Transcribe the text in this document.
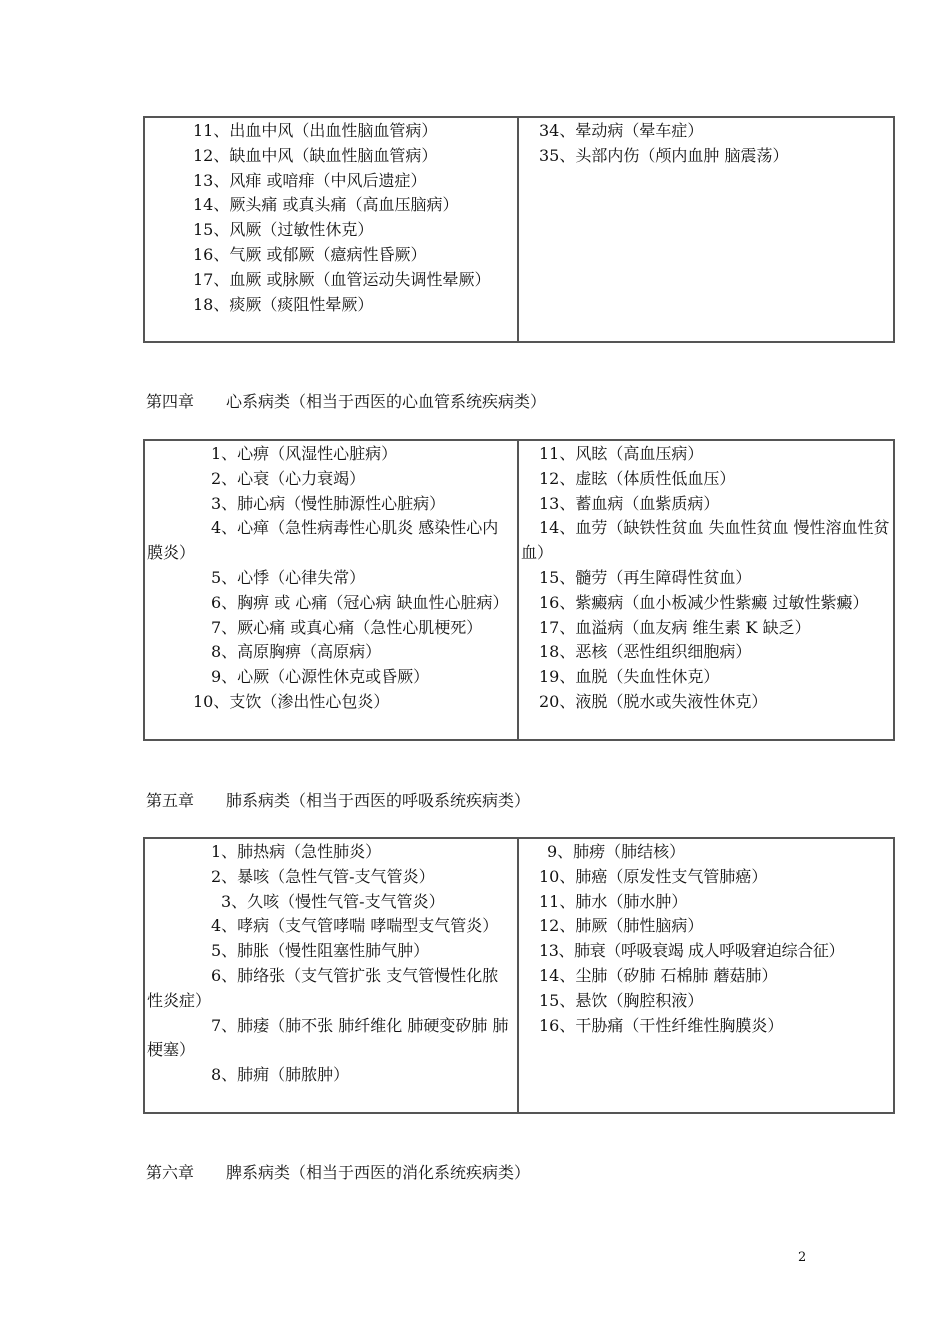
11、出血中风（出血性脑血管病）
12、缺血中风（缺血性脑血管病）
13、风痱 或喑痱（中风后遗症）
14、厥头痛 或真头痛（高血压脑病）
15、风厥（过敏性休克）
16、气厥 或郁厥（癔病性昏厥）
17、血厥 或脉厥（血管运动失调性晕厥）
18、痰厥（痰阻性晕厥）
34、晕动病（晕车症）
35、头部内伤（颅内血肿 脑震荡）
第四章　　心系病类（相当于西医的心血管系统疾病类）
1、心痹（风湿性心脏病）
2、心衰（心力衰竭）
3、肺心病（慢性肺源性心脏病）
4、心瘅（急性病毒性心肌炎 感染性心内膜炎）
5、心悸（心律失常）
6、胸痹 或 心痛（冠心病 缺血性心脏病）
7、厥心痛 或真心痛（急性心肌梗死）
8、高原胸痹（高原病）
9、心厥（心源性休克或昏厥）
10、支饮（渗出性心包炎）
11、风眩（高血压病）
12、虚眩（体质性低血压）
13、蓄血病（血紫质病）
14、血劳（缺铁性贫血 失血性贫血 慢性溶血性贫血）
15、髓劳（再生障碍性贫血）
16、紫癜病（血小板减少性紫癜 过敏性紫癜）
17、血溢病（血友病 维生素 K 缺乏）
18、恶核（恶性组织细胞病）
19、血脱（失血性休克）
20、液脱（脱水或失液性休克）
第五章　　肺系病类（相当于西医的呼吸系统疾病类）
1、肺热病（急性肺炎）
2、暴咳（急性气管-支气管炎）
3、久咳（慢性气管-支气管炎）
4、哮病（支气管哮喘 哮喘型支气管炎）
5、肺胀（慢性阻塞性肺气肿）
6、肺络张（支气管扩张 支气管慢性化脓性炎症）
7、肺痿（肺不张 肺纤维化 肺硬变矽肺 肺梗塞）
8、肺痈（肺脓肿）
9、肺痨（肺结核）
10、肺癌（原发性支气管肺癌）
11、肺水（肺水肿）
12、肺厥（肺性脑病）
13、肺衰（呼吸衰竭 成人呼吸窘迫综合征）
14、尘肺（矽肺 石棉肺 蘑菇肺）
15、悬饮（胸腔积液）
16、干胁痛（干性纤维性胸膜炎）
第六章　　脾系病类（相当于西医的消化系统疾病类）
2
